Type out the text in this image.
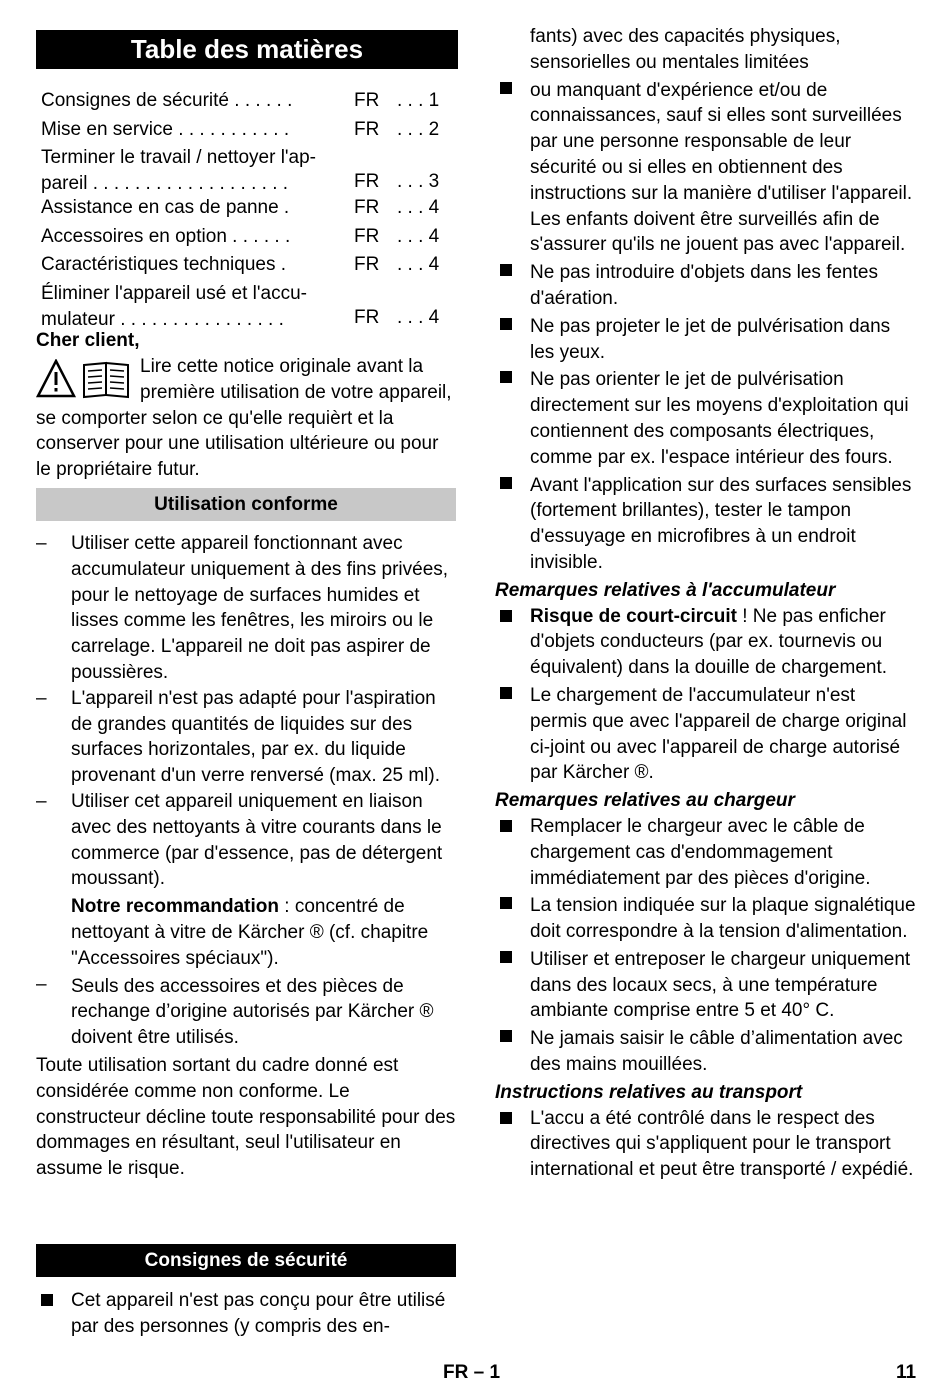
Table des matières
Consignes de sécurité . . . . . .	FR . . . 1
Mise en service . . . . . . . . . . .	FR . . . 2
Terminer le travail / nettoyer l'ap- pareil . . . . . . . . . . . . . . . . . . .	FR . . . 3
Assistance en cas de panne .	FR . . . 4
Accessoires en option . . . . . .	FR . . . 4
Caractéristiques techniques .	FR . . . 4
Éliminer l'appareil usé et l'accu- mulateur . . . . . . . . . . . . . . . .	FR . . . 4
Cher client,
Lire cette notice originale avant la première utilisation de votre appareil, se comporter selon ce qu'elle requièrt et la conserver pour une utilisation ultérieure ou pour le propriétaire futur.
Utilisation conforme
– Utiliser cette appareil fonctionnant avec accumulateur uniquement à des fins privées, pour le nettoyage de surfaces humides et lisses comme les fenêtres, les miroirs ou le carrelage. L'appareil ne doit pas aspirer de poussières.
– L'appareil n'est pas adapté pour l'aspiration de grandes quantités de liquides sur des surfaces horizontales, par ex. du liquide provenant d'un verre renversé (max. 25 ml).
– Utiliser cet appareil uniquement en liaison avec des nettoyants à vitre courants dans le commerce (par d'essence, pas de détergent moussant).
Notre recommandation : concentré de nettoyant à vitre de Kärcher ® (cf. chapitre "Accessoires spéciaux").
– Seuls des accessoires et des pièces de rechange d’origine autorisés par Kärcher ® doivent être utilisés.

Toute utilisation sortant du cadre donné est considérée comme non conforme. Le constructeur décline toute responsabilité pour des dommages en résultant, seul l'utilisateur en assume le risque.

Consignes de sécurité
Cet appareil n'est pas conçu pour être utilisé par des personnes (y compris des en-
fants) avec des capacités physiques, sensorielles ou mentales limitées
ou manquant d'expérience et/ou de connaissances, sauf si elles sont surveillées par une personne responsable de leur sécurité ou si elles en obtiennent des instructions sur la manière d'utiliser l'appareil. Les enfants doivent être surveillés afin de s'assurer qu'ils ne jouent pas avec l'appareil.
Ne pas introduire d'objets dans les fentes d'aération.
Ne pas projeter le jet de pulvérisation dans les yeux.
Ne pas orienter le jet de pulvérisation directement sur les moyens d'exploitation qui contiennent des composants électriques, comme par ex. l'espace intérieur des fours.
Avant l'application sur des surfaces sensibles (fortement brillantes), tester le tampon d'essuyage en microfibres à un endroit invisible.
Remarques relatives à l'accumulateur
Risque de court-circuit ! Ne pas enficher d'objets conducteurs (par ex. tournevis ou équivalent) dans la douille de chargement.
Le chargement de l'accumulateur n'est permis que avec l'appareil de charge original ci-joint ou avec l'appareil de charge autorisé par Kärcher ®.
Remarques relatives au chargeur
Remplacer le chargeur avec le câble de chargement cas d'endommagement immédiatement par des pièces d'origine.
La tension indiquée sur la plaque signalétique doit correspondre à la tension d'alimentation.
Utiliser et entreposer le chargeur uniquement dans des locaux secs, à une température ambiante comprise entre 5 et 40° C.
Ne jamais saisir le câble d’alimentation avec des mains mouillées.
Instructions relatives au transport
L'accu a été contrôlé dans le respect des directives qui s'appliquent pour le transport international et peut être transporté / expédié.
FR – 1	11
